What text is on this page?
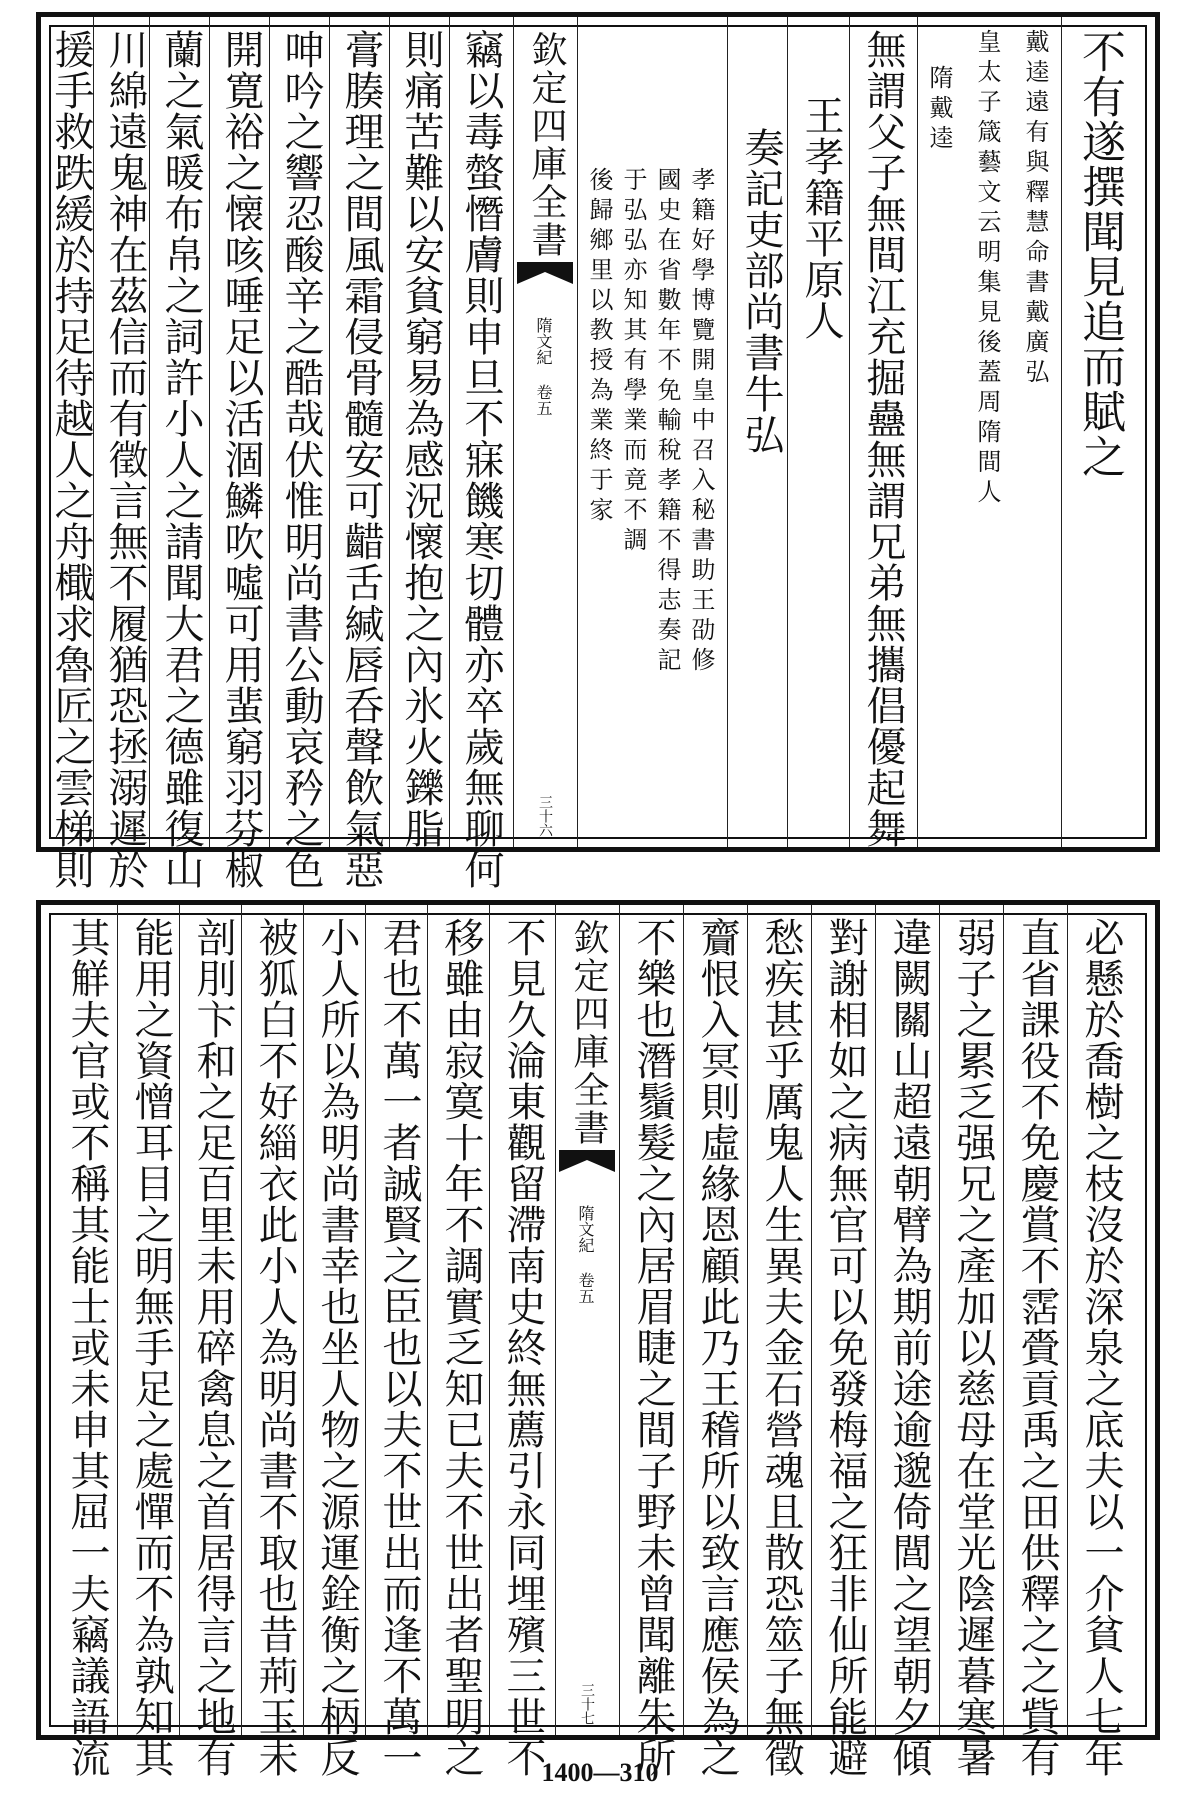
不有遂撰聞見追而賦之
戴逵遠有與釋慧命書戴廣弘
皇太子箴藝文云明集見後蓋周隋間人
隋戴逵
無謂父子無間江充掘蠱無謂兄弟無攜倡優起舞
王孝籍平原人
奏記吏部尚書牛弘
孝籍好學博覽開皇中召入秘書助王劭修
國史在省數年不免輸稅孝籍不得志奏記
于弘弘亦知其有學業而竟不調
後歸鄉里以教授為業終于家
欽定四庫全書
隋文紀 卷五
三十六
竊以毒螫憯膚則申旦不寐饑寒切體亦卒歲無聊何
則痛苦難以安貧窮易為感況懷抱之內氷火鑠脂
膏腠理之間風霜侵骨髓安可齰舌緘唇呑聲飲氣惡
呻吟之響忍酸辛之酷哉伏惟明尚書公動哀矜之色
開寛裕之懐咳唾足以活涸鱗吹噓可用蜚窮羽芬椒
蘭之氣暖布帛之詞許小人之請聞大君之德雖復山
川綿遠鬼神在茲信而有徵言無不履猶恐拯溺遲於
援手救跌緩於持足待越人之舟檝求魯匠之雲梯則
必懸於喬樹之枝沒於深泉之底夫以一介貧人七年
直省課役不免慶賞不霑賫貢禹之田供釋之之貲有
弱子之累乏强兄之產加以慈母在堂光陰遲暮寒暑
違闕關山超遠朝臂為期前途逾邈倚閭之望朝夕傾
對謝相如之病無官可以免發梅福之狂非仙所能避
愁疾甚乎厲鬼人生異夫金石營魂且散恐筮子無徵
齎恨入冥則虛緣恩顧此乃王稽所以致言應侯為之
不樂也潛鬚髮之內居眉睫之間子野未曾聞離朱所
欽定四庫全書
隋文紀 卷五
三十七
不見久淪東觀留滯南史終無薦引永同埋殯三世不
移雖由寂寞十年不調實乏知已夫不世出者聖明之
君也不萬一者誠賢之臣也以夫不世出而逢不萬一
小人所以為明尚書幸也坐人物之源運銓衡之柄反
被狐白不好緇衣此小人為明尚書不取也昔荊玉未
剖刖卞和之足百里未用碎禽息之首居得言之地有
能用之資憎耳目之明無手足之處憚而不為孰知其
其觧夫官或不稱其能士或未申其屈一夫竊議語流	1400—310
